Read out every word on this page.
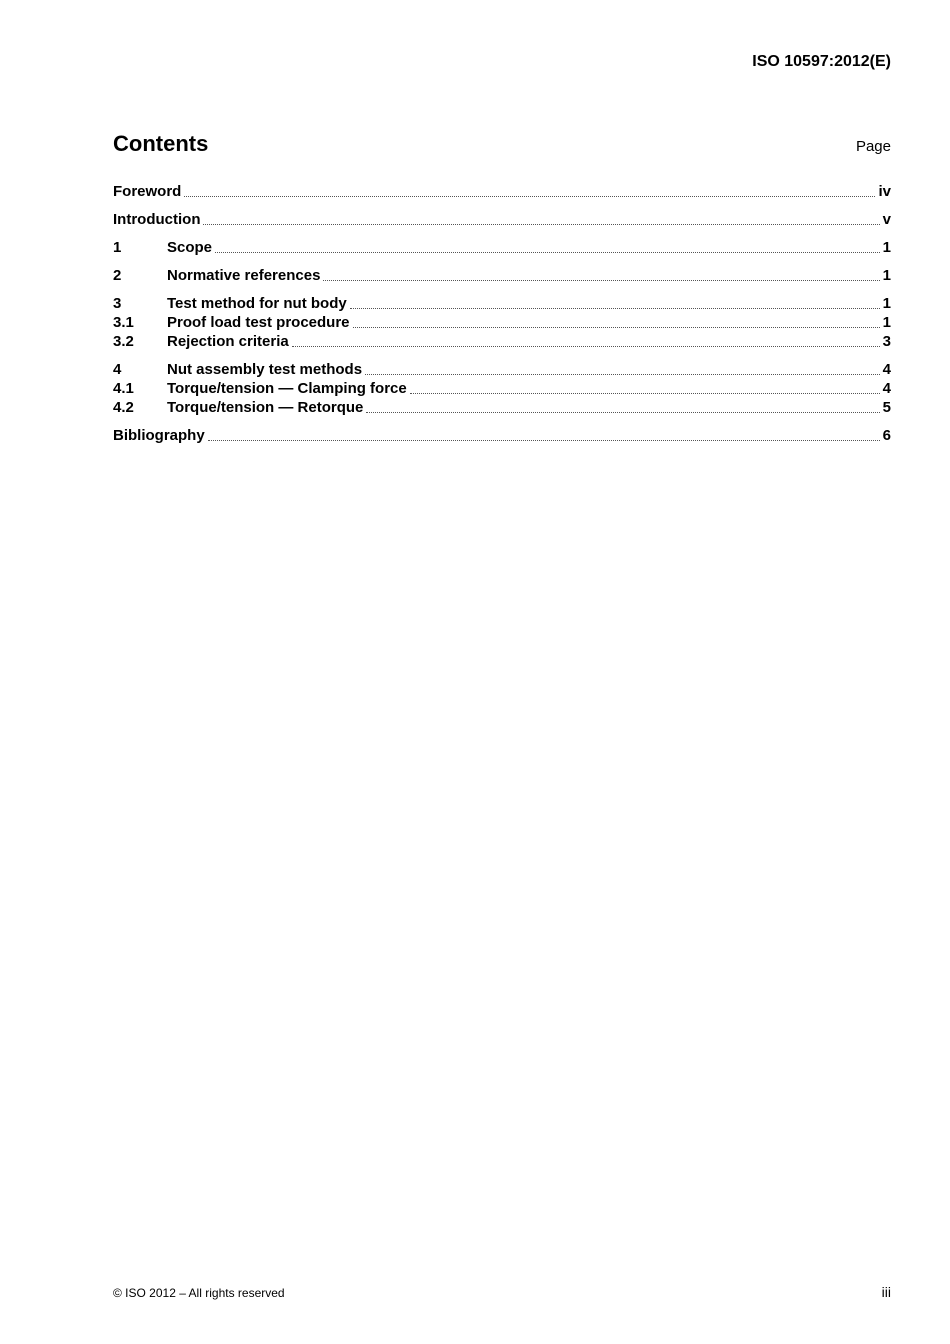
ISO 10597:2012(E)
Contents	Page
Foreword	iv
Introduction	v
1	Scope	1
2	Normative references	1
3	Test method for nut body	1
3.1	Proof load test procedure	1
3.2	Rejection criteria	3
4	Nut assembly test methods	4
4.1	Torque/tension — Clamping force	4
4.2	Torque/tension — Retorque	5
Bibliography	6
© ISO 2012 – All rights reserved	iii
